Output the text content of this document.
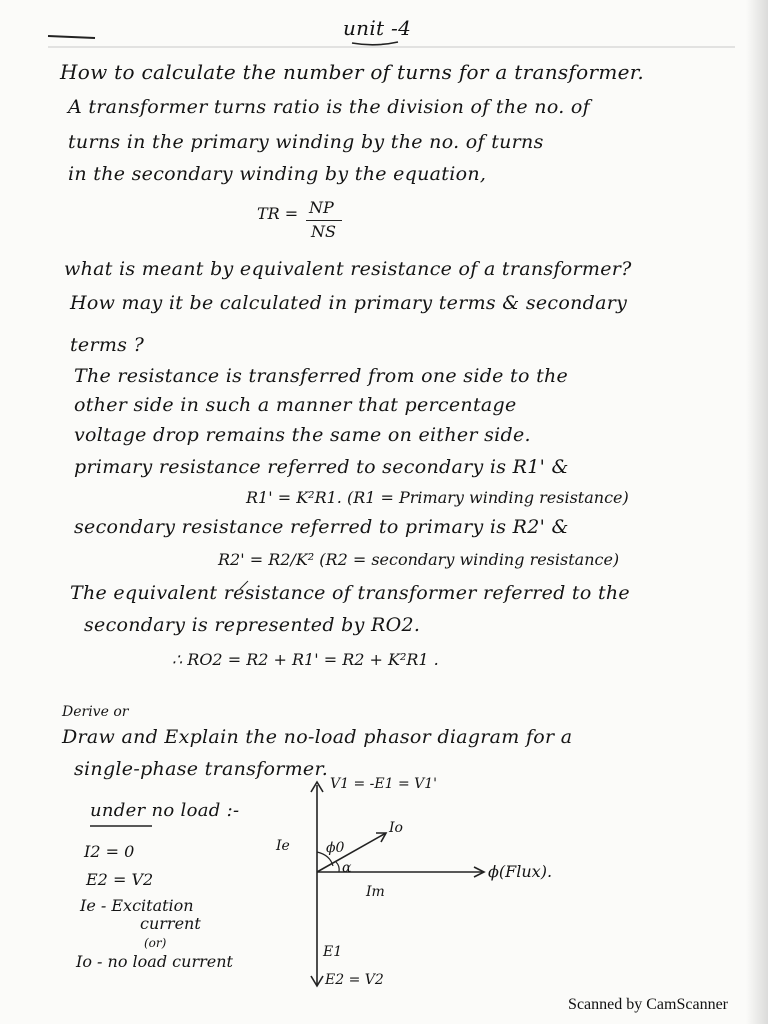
unit -4
How to calculate the number of turns for a transformer.
A transformer turns ratio is the division of the no. of
turns in the primary winding by the no. of turns
in the secondary winding by the equation,
TR = NP
NS
what is meant by equivalent resistance of a transformer?
How may it be calculated in primary terms & secondary
terms ?
The resistance is transferred from one side to the
other side in such a manner that percentage
voltage drop remains the same on either side.
primary resistance referred to secondary is R1' &
R1' = K²R1. (R1 = Primary winding resistance)
secondary resistance referred to primary is R2' &
R2' = R2/K² (R2 = secondary winding resistance)
The equivalent resistance of transformer referred to the
secondary is represented by RO2.
∴ RO2 = R2 + R1' = R2 + K²R1 .
Derive or
Draw and Explain the no-load phasor diagram for a
single-phase transformer.
under no load :-
I2 = 0
E2 = V2
Ie - Excitation
current
(or)
Io - no load current
V1 = -E1 = V1'
Ie	ϕ0
Io
α
Im
ϕ(Flux).
E1
E2 = V2
Scanned by CamScanner
